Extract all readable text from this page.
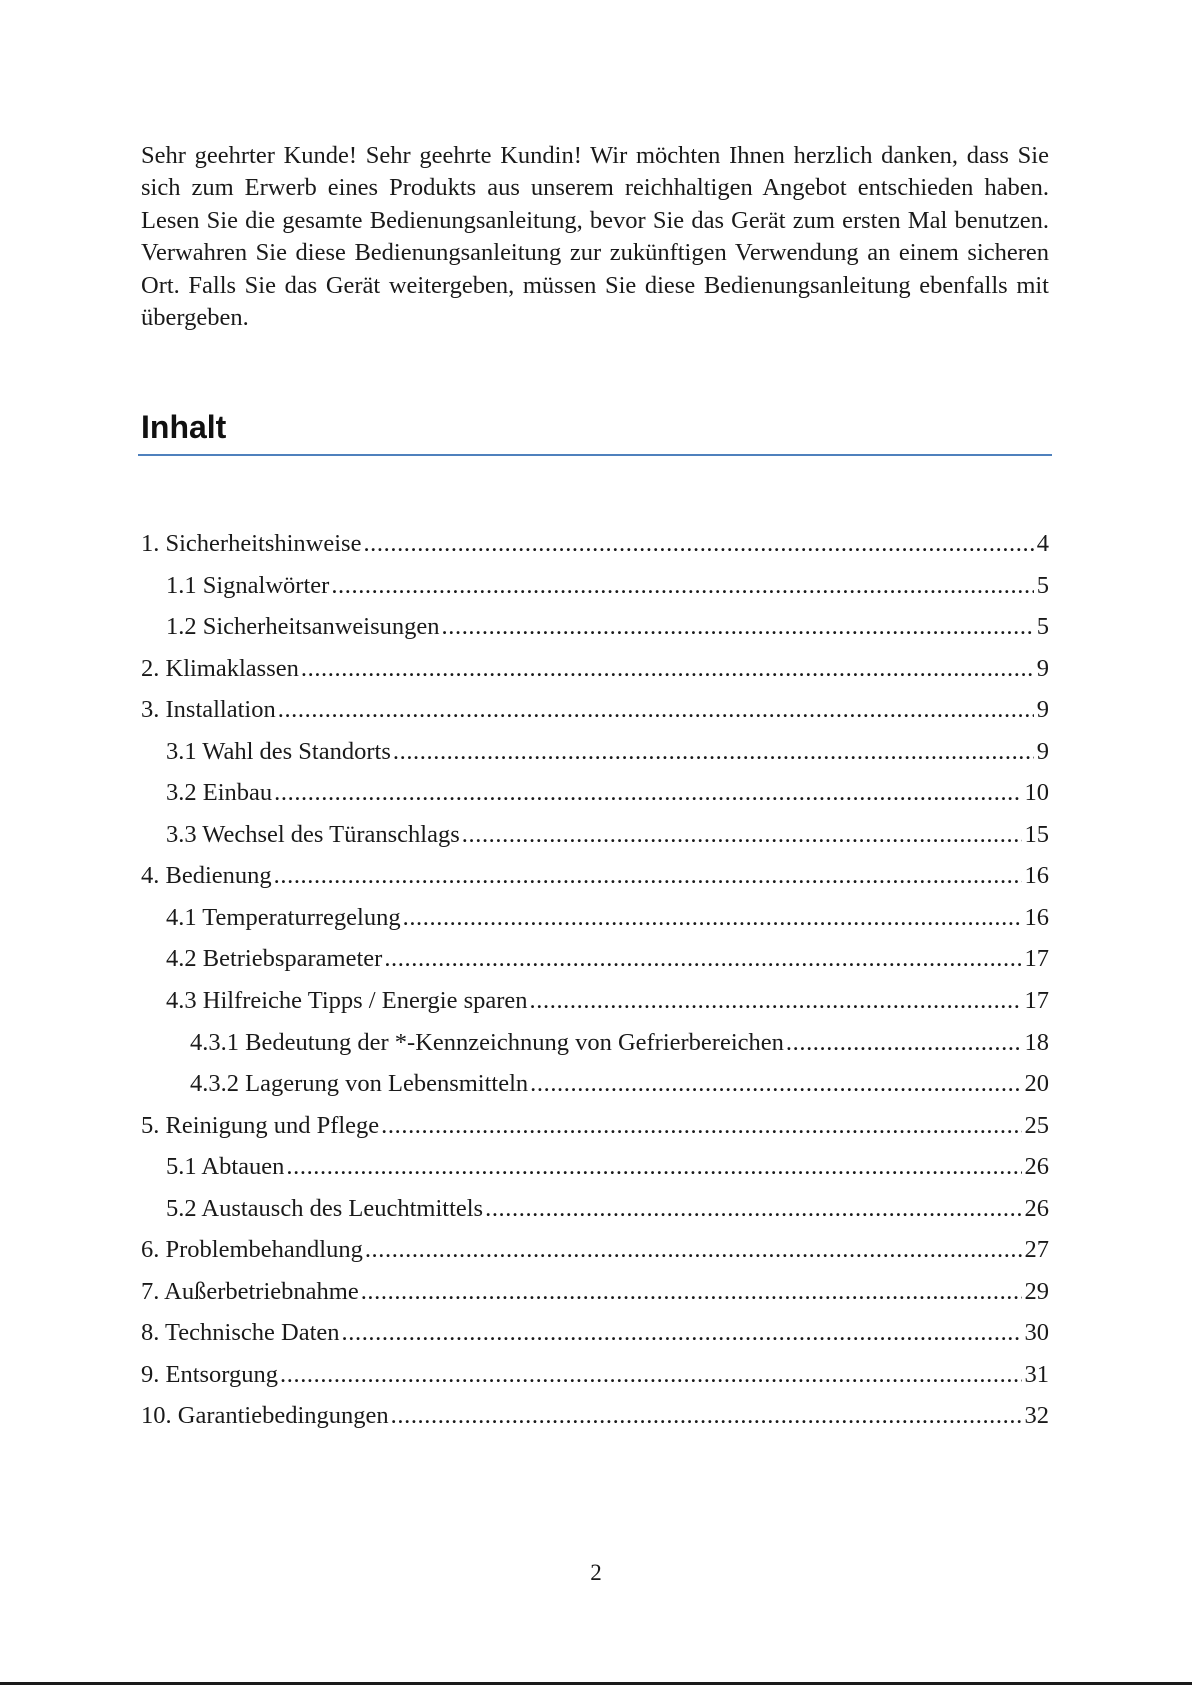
Sehr geehrter Kunde! Sehr geehrte Kundin! Wir möchten Ihnen herzlich danken, dass Sie sich zum Erwerb eines Produkts aus unserem reichhaltigen Angebot entschieden haben. Lesen Sie die gesamte Bedienungsanleitung, bevor Sie das Gerät zum ersten Mal benutzen. Verwahren Sie diese Bedienungsanleitung zur zukünftigen Verwendung an einem sicheren Ort. Falls Sie das Gerät weitergeben, müssen Sie diese Bedienungsanleitung ebenfalls mit übergeben.

Inhalt
1. Sicherheitshinweise .....	4
1.1 Signalwörter .....	5
1.2 Sicherheitsanweisungen .....	5
2. Klimaklassen .....	9
3. Installation .....	9
3.1 Wahl des Standorts .....	9
3.2 Einbau .....	10
3.3 Wechsel des Türanschlags .....	15
4. Bedienung .....	16
4.1 Temperaturregelung .....	16
4.2 Betriebsparameter .....	17
4.3 Hilfreiche Tipps / Energie sparen .....	17
4.3.1 Bedeutung der *-Kennzeichnung von Gefrierbereichen .....	18
4.3.2 Lagerung von Lebensmitteln .....	20
5. Reinigung und Pflege .....	25
5.1 Abtauen .....	26
5.2 Austausch des Leuchtmittels .....	26
6. Problembehandlung .....	27
7. Außerbetriebnahme .....	29
8. Technische Daten .....	30
9. Entsorgung .....	31
10. Garantiebedingungen .....	32
2
